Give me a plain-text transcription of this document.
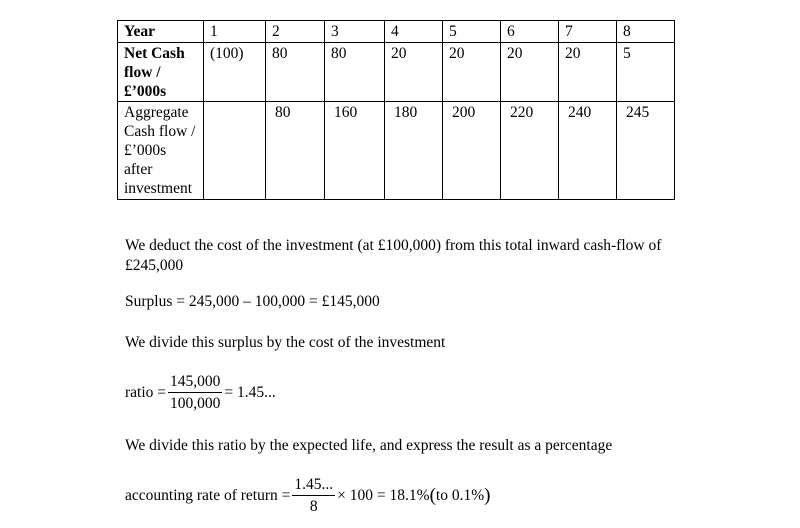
Year	1	2	3	4	5	6	7	8
Net Cash flow / £’000s	(100)	80	80	20	20	20	20	5
Aggregate Cash flow / £’000s after investment		80	160	180	200	220	240	245
We deduct the cost of the investment (at £100,000) from this total inward cash-flow of £245,000
Surplus = 245,000 – 100,000 = £145,000
We divide this surplus by the cost of the investment
ratio = $\frac{145,000}{100,000} = 1.45$...
We divide this ratio by the expected life, and express the result as a percentage
accounting rate of return = $\frac{1.45...}{8} \times 100 = 18.1\%$ ( to 0.1% )
